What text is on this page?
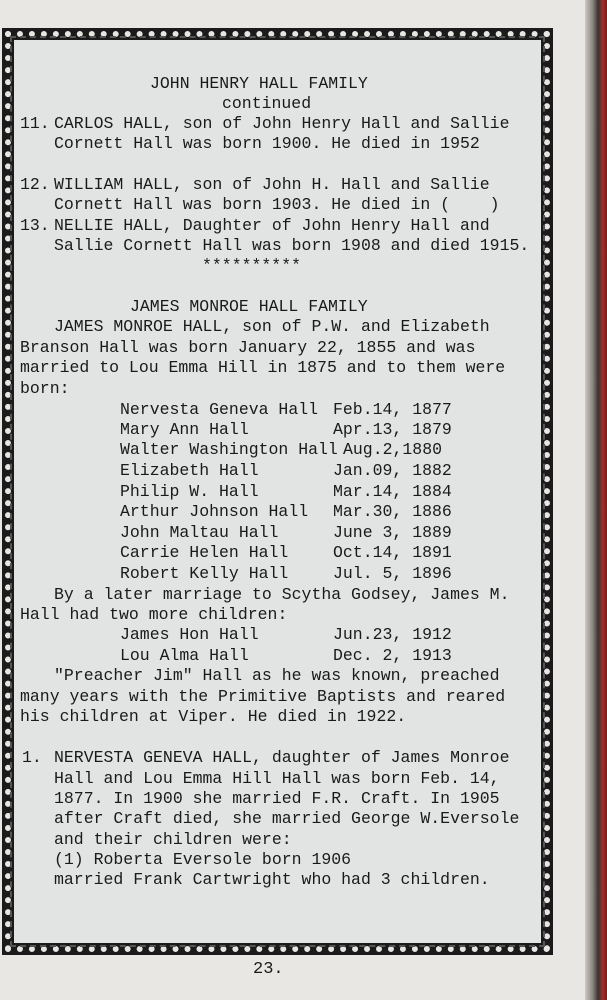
JOHN HENRY HALL FAMILY
continued
11. CARLOS HALL, son of John Henry Hall and Sallie
Cornett Hall was born 1900. He died in 1952
12. WILLIAM HALL, son of John H. Hall and Sallie
Cornett Hall was born 1903. He died in (    )
13. NELLIE HALL, Daughter of John Henry Hall and
Sallie Cornett Hall was born 1908 and died 1915.
**********
JAMES MONROE HALL FAMILY
JAMES MONROE HALL, son of P.W. and Elizabeth
Branson Hall was born January 22, 1855 and was
married to Lou Emma Hill in 1875 and to them were
born:
Nervesta Geneva Hall Feb.14, 1877
Mary Ann Hall	Apr.13, 1879
Walter Washington Hall Aug.2,1880
Elizabeth Hall	Jan.09, 1882
Philip W. Hall	Mar.14, 1884
Arthur Johnson Hall Mar.30, 1886
John Maltau Hall	June 3, 1889
Carrie Helen Hall	Oct.14, 1891
Robert Kelly Hall	Jul. 5, 1896
By a later marriage to Scytha Godsey, James M.
Hall had two more children:
James Hon Hall	Jun.23, 1912
Lou Alma Hall	Dec. 2, 1913
"Preacher Jim" Hall as he was known, preached
many years with the Primitive Baptists and reared
his children at Viper. He died in 1922.
1. NERVESTA GENEVA HALL, daughter of James Monroe
Hall and Lou Emma Hill Hall was born Feb. 14,
1877. In 1900 she married F.R. Craft. In 1905
after Craft died, she married George W.Eversole
and their children were:
(1) Roberta Eversole born 1906
married Frank Cartwright who had 3 children.
23.
